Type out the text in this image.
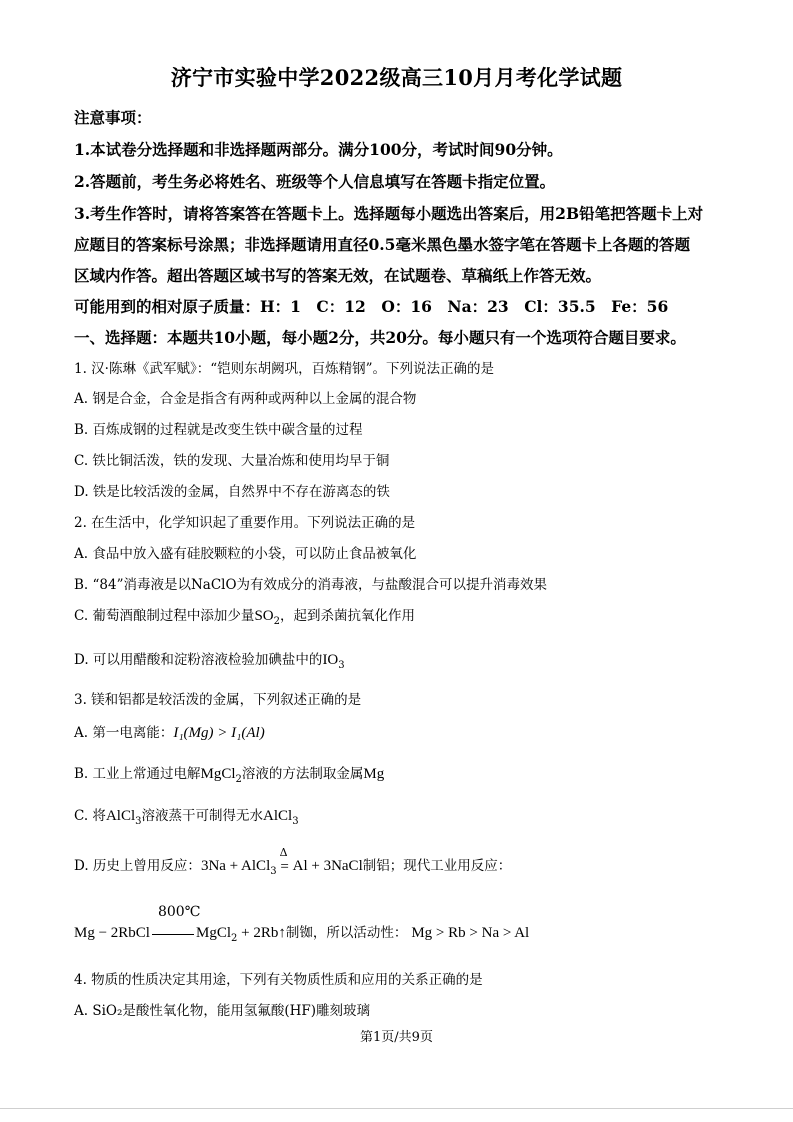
济宁市实验中学2022级高三10月月考化学试题
注意事项：
1.本试卷分选择题和非选择题两部分。满分100分，考试时间90分钟。
2.答题前，考生务必将姓名、班级等个人信息填写在答题卡指定位置。
3.考生作答时，请将答案答在答题卡上。选择题每小题选出答案后，用2B铅笔把答题卡上对
应题目的答案标号涂黑；非选择题请用直径0.5毫米黑色墨水签字笔在答题卡上各题的答题
区域内作答。超出答题区域书写的答案无效，在试题卷、草稿纸上作答无效。
可能用到的相对原子质量：H：1　C：12　O：16　Na：23　Cl：35.5　Fe：56
一、选择题：本题共10小题，每小题2分，共20分。每小题只有一个选项符合题目要求。
1. 汉·陈琳《武军赋》：“铠则东胡阙巩，百炼精钢”。下列说法正确的是
A. 钢是合金，合金是指含有两种或两种以上金属的混合物
B. 百炼成钢的过程就是改变生铁中碳含量的过程
C. 铁比铜活泼，铁的发现、大量冶炼和使用均早于铜
D. 铁是比较活泼的金属，自然界中不存在游离态的铁
2. 在生活中，化学知识起了重要作用。下列说法正确的是
A. 食品中放入盛有硅胶颗粒的小袋，可以防止食品被氧化
B. “84”消毒液是以NaClO为有效成分的消毒液，与盐酸混合可以提升消毒效果
C. 葡萄酒酿制过程中添加少量$SO_2$，起到杀菌抗氧化作用
D. 可以用醋酸和淀粉溶液检验加碘盐中的$IO_3$
3. 镁和铝都是较活泼的金属，下列叙述正确的是
A. 第一电离能：I₁(Mg) > I₁(Al)
B. 工业上常通过电解MgCl$_2$溶液的方法制取金属Mg
C. 将AlCl$_3$溶液蒸干可制得无水AlCl$_3$
D. 历史上曾用反应：3Na + AlCl$_3$
Δ
= Al + 3NaCl制铝；现代工业用反应：
Mg − 2RbCl
800℃
MgCl$_2$ + 2Rb↑制铷，所以活动性： Mg > Rb > Na > Al
4. 物质的性质决定其用途，下列有关物质性质和应用的关系正确的是
A. SiO₂是酸性氧化物，能用氢氟酸(HF)雕刻玻璃
第1页/共9页
